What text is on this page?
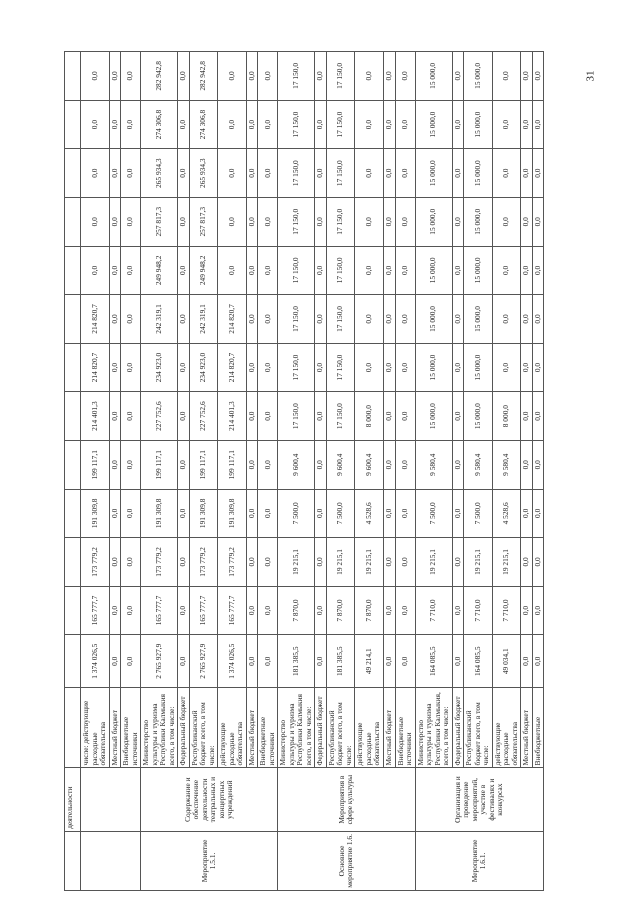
	деятельности														
		числе: действующие расходные обязательства	1 374 026,5	165 777,7	173 779,2	191 309,8	199 117,1	214 401,3	214 820,7	214 820,7	0,0	0,0	0,0	0,0	0,0
		Местный бюджет	0,0	0,0	0,0	0,0	0,0	0,0	0,0	0,0	0,0	0,0	0,0	0,0	0,0
		Внебюджетные источники	0,0	0,0	0,0	0,0	0,0	0,0	0,0	0,0	0,0	0,0	0,0	0,0	0,0
Мероприятие 1.5.1.	Содержание и обеспечение деятельности театральных и концертных учреждений	Министерство культуры и туризма Республики Калмыкия всего, в том числе:	2 765 927,9	165 777,7	173 779,2	191 309,8	199 117,1	227 752,6	234 923,0	242 319,1	249 948,2	257 817,3	265 934,3	274 306,8	282 942,8
		Федеральный бюджет	0,0	0,0	0,0	0,0	0,0	0,0	0,0	0,0	0,0	0,0	0,0	0,0	0,0
		Республиканский бюджет всего, в том числе:	2 765 927,9	165 777,7	173 779,2	191 309,8	199 117,1	227 752,6	234 923,0	242 319,1	249 948,2	257 817,3	265 934,3	274 306,8	282 942,8
		действующие расходные обязательства	1 374 026,5	165 777,7	173 779,2	191 309,8	199 117,1	214 401,3	214 820,7	214 820,7	0,0	0,0	0,0	0,0	0,0
		Местный бюджет	0,0	0,0	0,0	0,0	0,0	0,0	0,0	0,0	0,0	0,0	0,0	0,0	0,0
		Внебюджетные источники	0,0	0,0	0,0	0,0	0,0	0,0	0,0	0,0	0,0	0,0	0,0	0,0	0,0
Основное мероприятие 1.6.	Мероприятия в сфере культуры	Министерство культуры и туризма Республики Калмыкия всего, в том числе:	181 385,5	7 870,0	19 215,1	7 500,0	9 600,4	17 150,0	17 150,0	17 150,0	17 150,0	17 150,0	17 150,0	17 150,0	17 150,0
		Федеральный бюджет	0,0	0,0	0,0	0,0	0,0	0,0	0,0	0,0	0,0	0,0	0,0	0,0	0,0
		Республиканский бюджет всего, в том числе:	181 385,5	7 870,0	19 215,1	7 500,0	9 600,4	17 150,0	17 150,0	17 150,0	17 150,0	17 150,0	17 150,0	17 150,0	17 150,0
		действующие расходные обязательства	49 214,1	7 870,0	19 215,1	4 528,6	9 600,4	8 000,0	0,0	0,0	0,0	0,0	0,0	0,0	0,0
		Местный бюджет	0,0	0,0	0,0	0,0	0,0	0,0	0,0	0,0	0,0	0,0	0,0	0,0	0,0
		Внебюджетные источники	0,0	0,0	0,0	0,0	0,0	0,0	0,0	0,0	0,0	0,0	0,0	0,0	0,0
Мероприятие 1.6.1.	Организация и проведение мероприятий, участие в фестивалях и конкурсах	Министерство культуры и туризма Республики Калмыкия, всего, в том числе:	164 085,5	7 710,0	19 215,1	7 500,0	9 580,4	15 000,0	15 000,0	15 000,0	15 000,0	15 000,0	15 000,0	15 000,0	15 000,0
		Федеральный бюджет	0,0	0,0	0,0	0,0	0,0	0,0	0,0	0,0	0,0	0,0	0,0	0,0	0,0
		Республиканский бюджет всего, в том числе:	164 085,5	7 710,0	19 215,1	7 500,0	9 580,4	15 000,0	15 000,0	15 000,0	15 000,0	15 000,0	15 000,0	15 000,0	15 000,0
		действующие расходные обязательства	49 034,1	7 710,0	19 215,1	4 528,6	9 580,4	8 000,0	0,0	0,0	0,0	0,0	0,0	0,0	0,0
		Местный бюджет	0,0	0,0	0,0	0,0	0,0	0,0	0,0	0,0	0,0	0,0	0,0	0,0	0,0
		Внебюджетные	0,0	0,0	0,0	0,0	0,0	0,0	0,0	0,0	0,0	0,0	0,0	0,0	0,0	31
